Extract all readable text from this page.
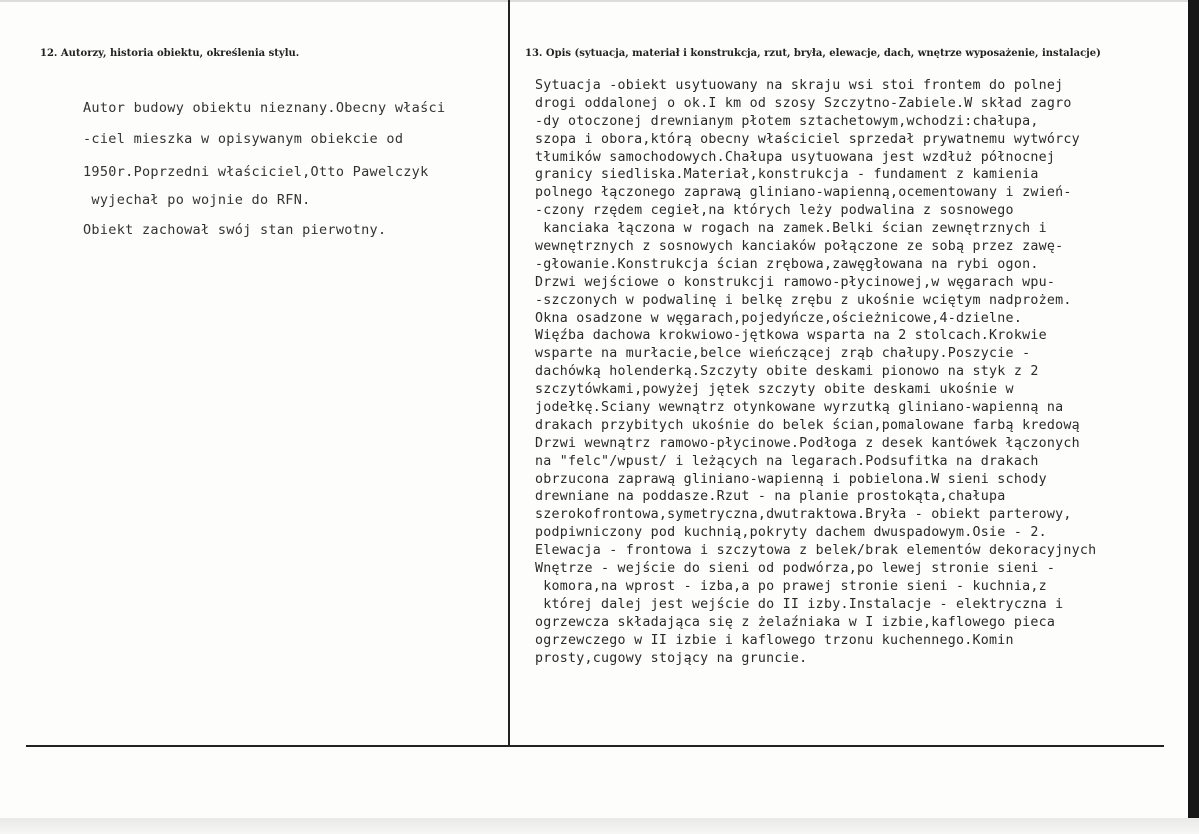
12. Autorzy, historia obiektu, określenia stylu.	13. Opis (sytuacja, materiał i konstrukcja, rzut, bryła, elewacje, dach, wnętrze wyposażenie, instalacje)

Autor budowy obiektu nieznany.Obecny właści

-ciel mieszka w opisywanym obiekcie od

1950r.Poprzedni właściciel,Otto Pawelczyk

wyjechał po wojnie do RFN.

Obiekt zachował swój stan pierwotny.

Sytuacja -obiekt usytuowany na skraju wsi stoi frontem do polnej

drogi oddalonej o ok.I km od szosy Szczytno-Zabiele.W skład zagro

-dy otoczonej drewnianym płotem sztachetowym,wchodzi:chałupa,

szopa i obora,którą obecny właściciel sprzedał prywatnemu wytwórcy

tłumików samochodowych.Chałupa usytuowana jest wzdłuż północnej

granicy siedliska.Materiał,konstrukcja - fundament z kamienia

polnego łączonego zaprawą gliniano-wapienną,ocementowany i zwień-

-czony rzędem cegieł,na których leży podwalina z sosnowego

kanciaka łączona w rogach na zamek.Belki ścian zewnętrznych i

wewnętrznych z sosnowych kanciaków połączone ze sobą przez zawę-

-głowanie.Konstrukcja ścian zrębowa,zawęgłowana na rybi ogon.

Drzwi wejściowe o konstrukcji ramowo-płycinowej,w węgarach wpu-

-szczonych w podwalinę i belkę zrębu z ukośnie wciętym nadprożem.

Okna osadzone w węgarach,pojedyńcze,ościeżnicowe,4-dzielne.

Więźba dachowa krokwiowo-jętkowa wsparta na 2 stolcach.Krokwie

wsparte na murłacie,belce wieńczącej zrąb chałupy.Poszycie -

dachówką holenderką.Szczyty obite deskami pionowo na styk z 2

szczytówkami,powyżej jętek szczyty obite deskami ukośnie w

jodełkę.Sciany wewnątrz otynkowane wyrzutką gliniano-wapienną na

drakach przybitych ukośnie do belek ścian,pomalowane farbą kredową

Drzwi wewnątrz ramowo-płycinowe.Podłoga z desek kantówek łączonych

na "felc"/wpust/ i leżących na legarach.Podsufitka na drakach

obrzucona zaprawą gliniano-wapienną i pobielona.W sieni schody

drewniane na poddasze.Rzut - na planie prostokąta,chałupa

szerokofrontowa,symetryczna,dwutraktowa.Bryła - obiekt parterowy,

podpiwniczony pod kuchnią,pokryty dachem dwuspadowym.Osie - 2.

Elewacja - frontowa i szczytowa z belek/brak elementów dekoracyjnych

Wnętrze - wejście do sieni od podwórza,po lewej stronie sieni -

komora,na wprost - izba,a po prawej stronie sieni - kuchnia,z

której dalej jest wejście do II izby.Instalacje - elektryczna i

ogrzewcza składająca się z żelaźniaka w I izbie,kaflowego pieca

ogrzewczego w II izbie i kaflowego trzonu kuchennego.Komin

prosty,cugowy stojący na gruncie.
